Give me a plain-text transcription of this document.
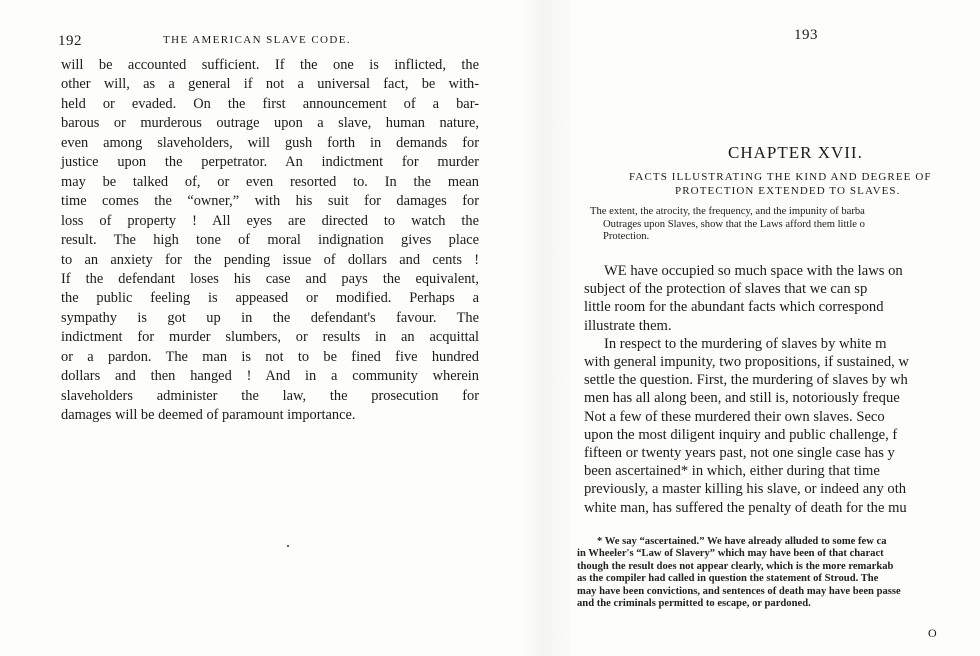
192	THE AMERICAN SLAVE CODE.
will be accounted sufficient. If the one is inflicted, the
other will, as a general if not a universal fact, be with-
held or evaded. On the first announcement of a bar-
barous or murderous outrage upon a slave, human nature,
even among slaveholders, will gush forth in demands for
justice upon the perpetrator. An indictment for murder
may be talked of, or even resorted to. In the mean
time comes the “owner,” with his suit for damages for
loss of property ! All eyes are directed to watch the
result. The high tone of moral indignation gives place
to an anxiety for the pending issue of dollars and cents !
If the defendant loses his case and pays the equivalent,
the public feeling is appeased or modified. Perhaps a
sympathy is got up in the defendant's favour. The
indictment for murder slumbers, or results in an acquittal
or a pardon. The man is not to be fined five hundred
dollars and then hanged ! And in a community wherein
slaveholders administer the law, the prosecution for
damages will be deemed of paramount importance.
193
CHAPTER XVII.
FACTS ILLUSTRATING THE KIND AND DEGREE OF
PROTECTION EXTENDED TO SLAVES.
The extent, the atrocity, the frequency, and the impunity of barba
Outrages upon Slaves, show that the Laws afford them little o
Protection.
WE have occupied so much space with the laws on
subject of the protection of slaves that we can sp
little room for the abundant facts which correspond
illustrate them.
In respect to the murdering of slaves by white m
with general impunity, two propositions, if sustained, w
settle the question. First, the murdering of slaves by wh
men has all along been, and still is, notoriously freque
Not a few of these murdered their own slaves. Seco
upon the most diligent inquiry and public challenge, f
fifteen or twenty years past, not one single case has y
been ascertained* in which, either during that time
previously, a master killing his slave, or indeed any oth
white man, has suffered the penalty of death for the mu
* We say “ascertained.” We have already alluded to some few ca
in Wheeler's “Law of Slavery” which may have been of that charact
though the result does not appear clearly, which is the more remarkab
as the compiler had called in question the statement of Stroud. The
may have been convictions, and sentences of death may have been passe
and the criminals permitted to escape, or pardoned.
O
